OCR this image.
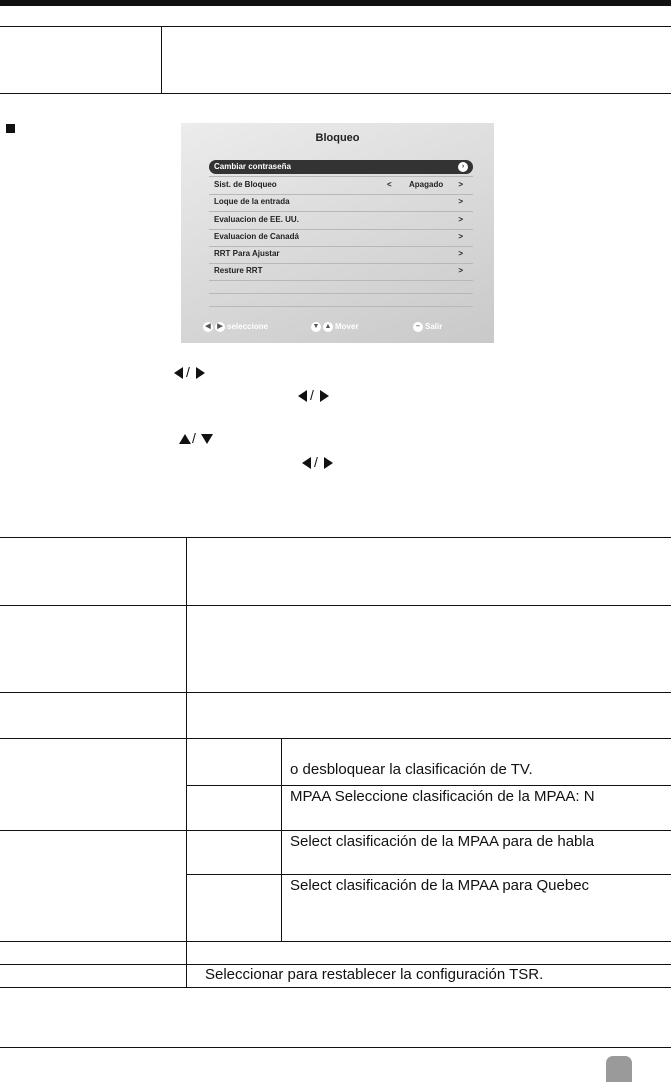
Bloqueo
Cambiar contraseña	›
Sist. de Bloqueo	< Apagado >
Loque de la entrada	>
Evaluacion de EE. UU.	>
Evaluacion de Canadá	>
RRT Para Ajustar	>
Resture RRT	>
◀ ▶ seleccione	▼ ▲ Mover	– Salir
/
/
/
/
o desbloquear la clasificación de TV.
MPAA Seleccione clasificación de la MPAA: N
Select clasificación de la MPAA para de habla
Select clasificación de la MPAA para Quebec
Seleccionar para restablecer la configuración TSR.
